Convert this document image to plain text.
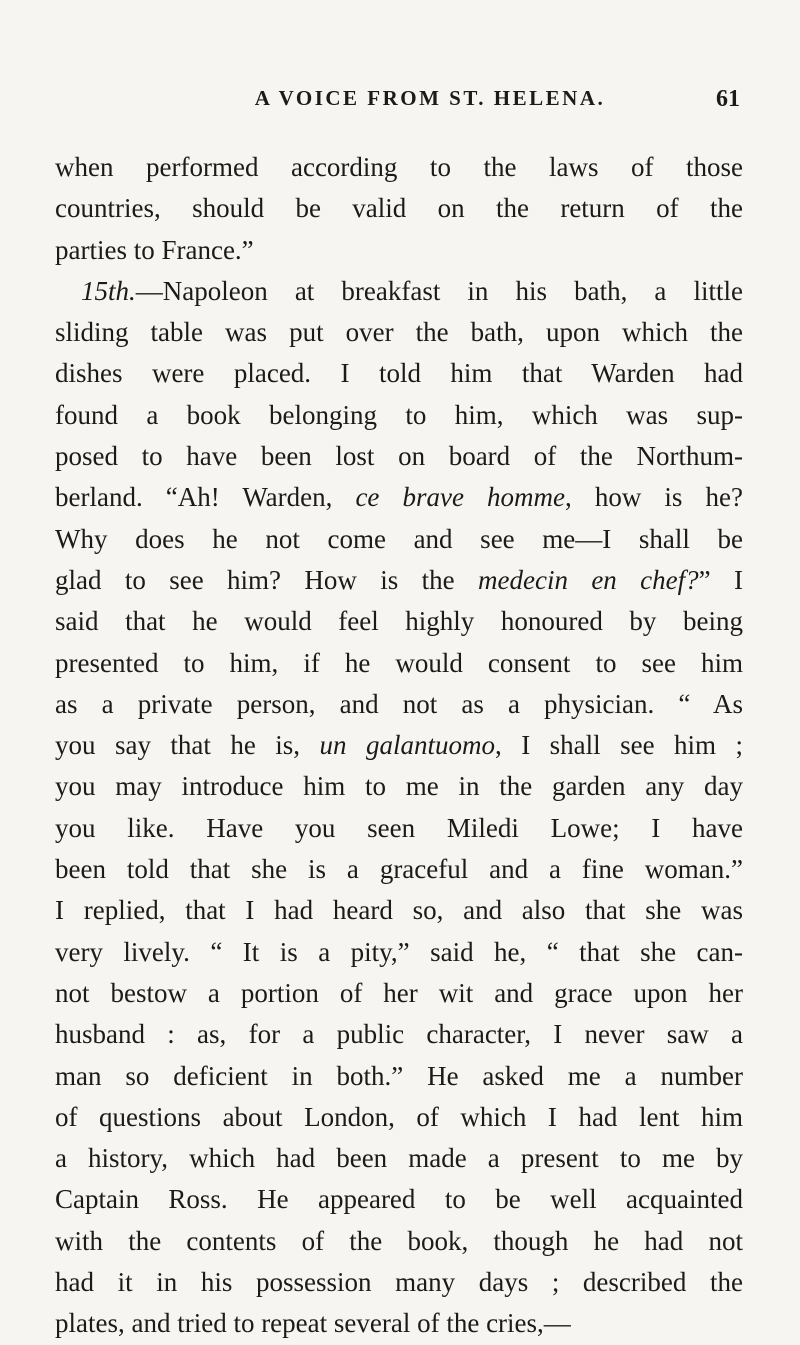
A VOICE FROM ST. HELENA.	61
when performed according to the laws of those
countries, should be valid on the return of the
parties to France.”
15th.—Napoleon at breakfast in his bath, a little
sliding table was put over the bath, upon which the
dishes were placed. I told him that Warden had
found a book belonging to him, which was sup-
posed to have been lost on board of the Northum-
berland. “Ah! Warden, ce brave homme, how is he?
Why does he not come and see me—I shall be
glad to see him? How is the medecin en chef?” I
said that he would feel highly honoured by being
presented to him, if he would consent to see him
as a private person, and not as a physician. “ As
you say that he is, un galantuomo, I shall see him ;
you may introduce him to me in the garden any day
you like. Have you seen Miledi Lowe; I have
been told that she is a graceful and a fine woman.”
I replied, that I had heard so, and also that she was
very lively. “ It is a pity,” said he, “ that she can-
not bestow a portion of her wit and grace upon her
husband : as, for a public character, I never saw a
man so deficient in both.” He asked me a number
of questions about London, of which I had lent him
a history, which had been made a present to me by
Captain Ross. He appeared to be well acquainted
with the contents of the book, though he had not
had it in his possession many days ; described the
plates, and tried to repeat several of the cries,—
